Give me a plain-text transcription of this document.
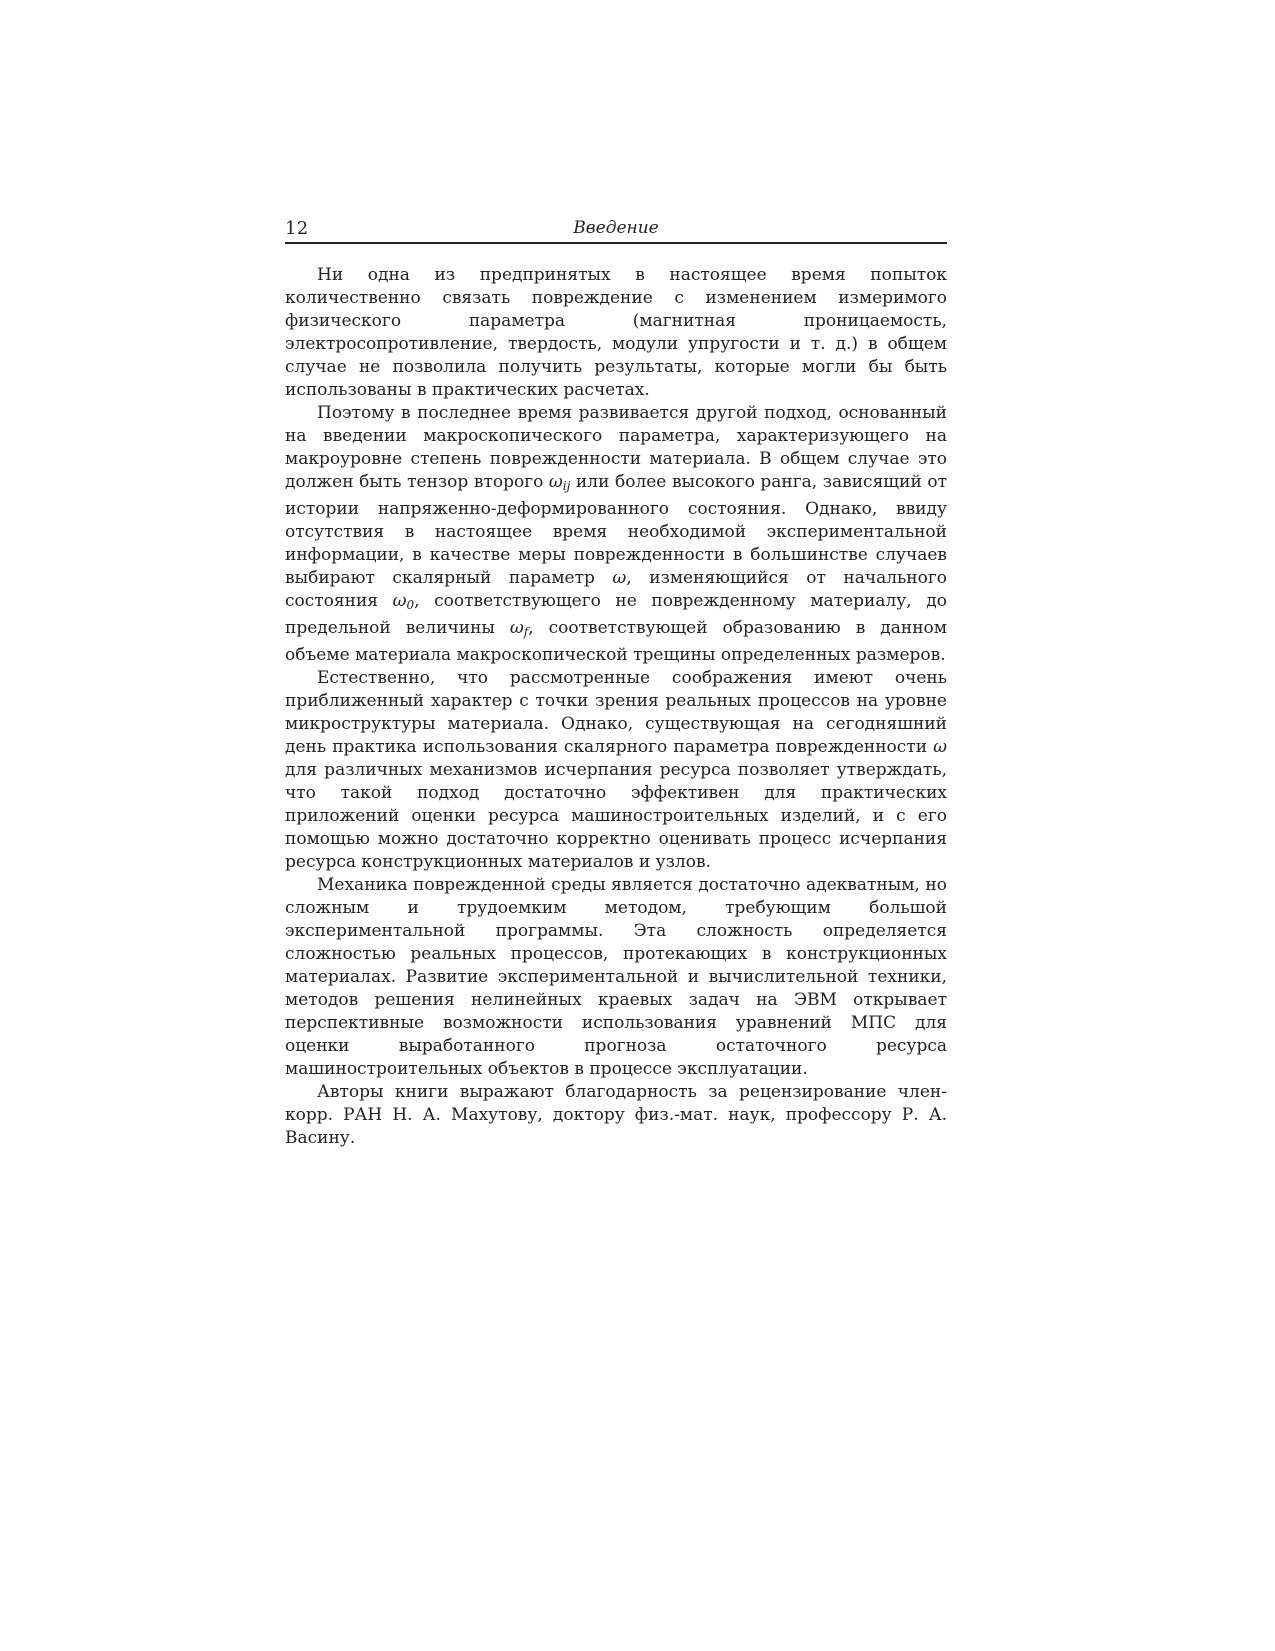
12	Введение

Ни одна из предпринятых в настоящее время попыток количественно связать повреждение с изменением измеримого физического параметра (магнитная проницаемость, электросопротивление, твердость, модули упругости и т. д.) в общем случае не позволила получить результаты, которые могли бы быть использованы в практических расчетах.

Поэтому в последнее время развивается другой подход, основанный на введении макроскопического параметра, характеризующего на макроуровне степень поврежденности материала. В общем случае это должен быть тензор второго $\omega_{ij}$ или более высокого ранга, зависящий от истории напряженно-деформированного состояния. Однако, ввиду отсутствия в настоящее время необходимой экспериментальной информации, в качестве меры поврежденности в большинстве случаев выбирают скалярный параметр ω, изменяющийся от начального состояния $\omega_0$, соответствующего не поврежденному материалу, до предельной величины $\omega_f$, соответствующей образованию в данном объеме материала макроскопической трещины определенных размеров.

Естественно, что рассмотренные соображения имеют очень приближенный характер с точки зрения реальных процессов на уровне микроструктуры материала. Однако, существующая на сегодняшний день практика использования скалярного параметра поврежденности ω для различных механизмов исчерпания ресурса позволяет утверждать, что такой подход достаточно эффективен для практических приложений оценки ресурса машиностроительных изделий, и с его помощью можно достаточно корректно оценивать процесс исчерпания ресурса конструкционных материалов и узлов.

Механика поврежденной среды является достаточно адекватным, но сложным и трудоемким методом, требующим большой экспериментальной программы. Эта сложность определяется сложностью реальных процессов, протекающих в конструкционных материалах. Развитие экспериментальной и вычислительной техники, методов решения нелинейных краевых задач на ЭВМ открывает перспективные возможности использования уравнений МПС для оценки выработанного прогноза остаточного ресурса машиностроительных объектов в процессе эксплуатации.

Авторы книги выражают благодарность за рецензирование член-корр. РАН Н. А. Махутову, доктору физ.-мат. наук, профессору Р. А. Васину.
